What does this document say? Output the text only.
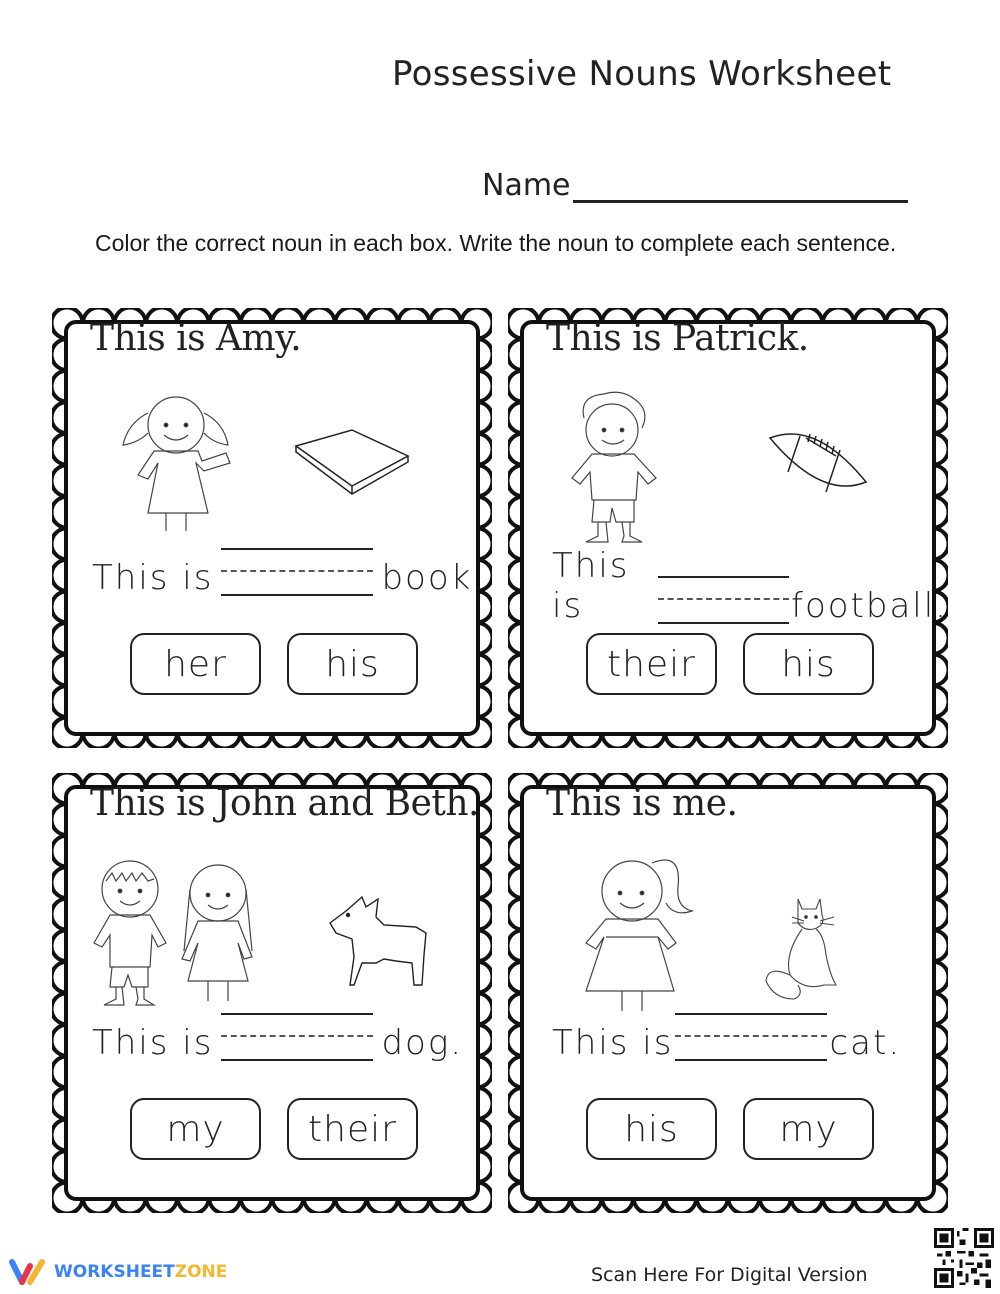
Possessive Nouns Worksheet
Name
Color the correct noun in each box. Write the noun to complete each sentence.
This is Amy.
This is	book.
her	his
This is Patrick.
This is	football.
their	his
This is John and Beth.
This is	dog.
my	their
This is me.
This is	cat.
his	my
WORKSHEETZONE	Scan Here For Digital Version
